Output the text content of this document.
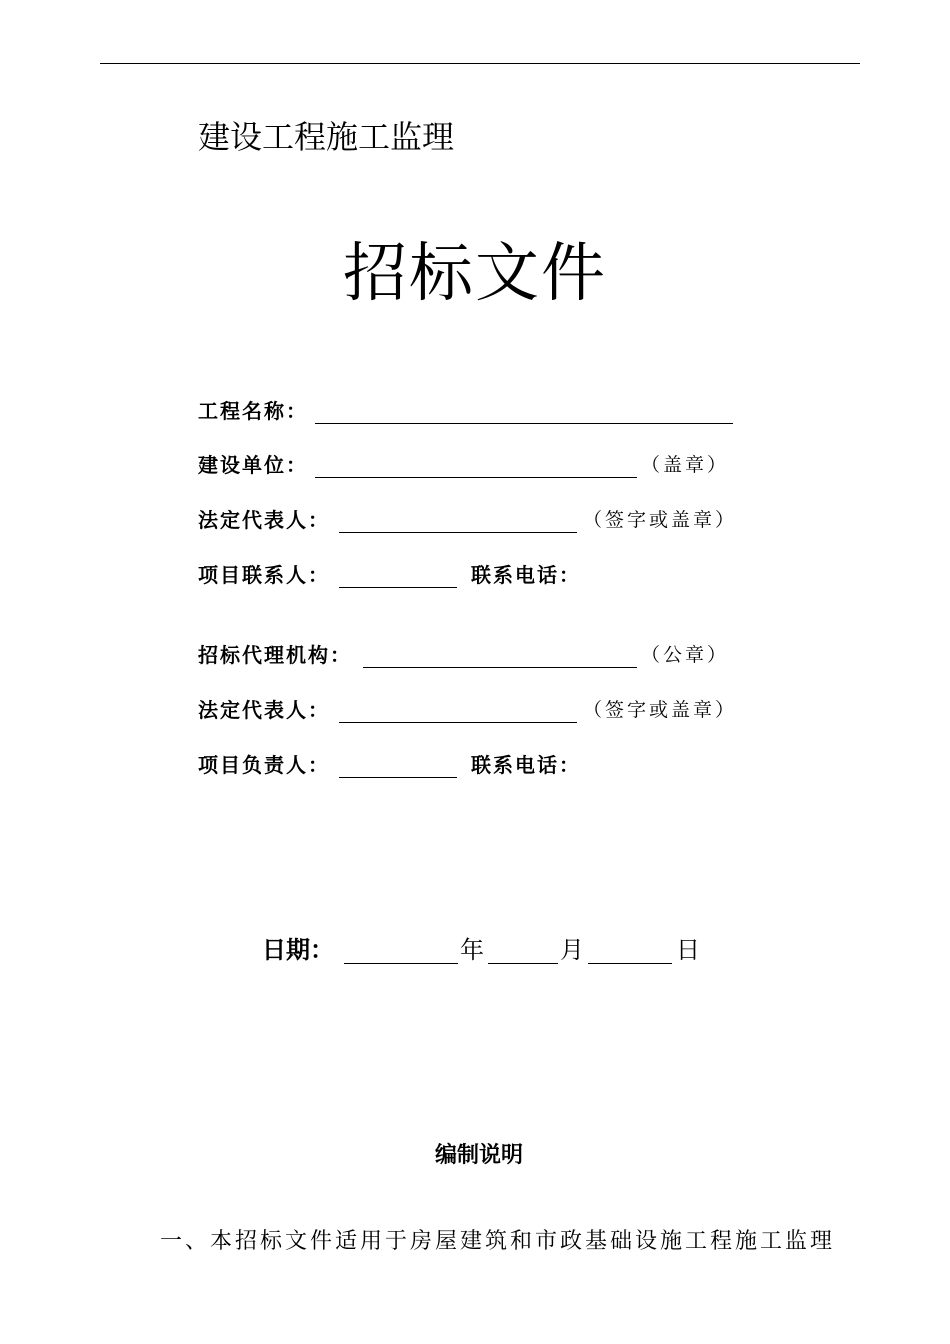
建设工程施工监理
招标文件
工程名称：
建设单位：	（盖章）
法定代表人：	（签字或盖章）
项目联系人：	联系电话：
招标代理机构：	（公章）
法定代表人：	（签字或盖章）
项目负责人：	联系电话：
日期：	年	月	日
编制说明
一、本招标文件适用于房屋建筑和市政基础设施工程施工监理
